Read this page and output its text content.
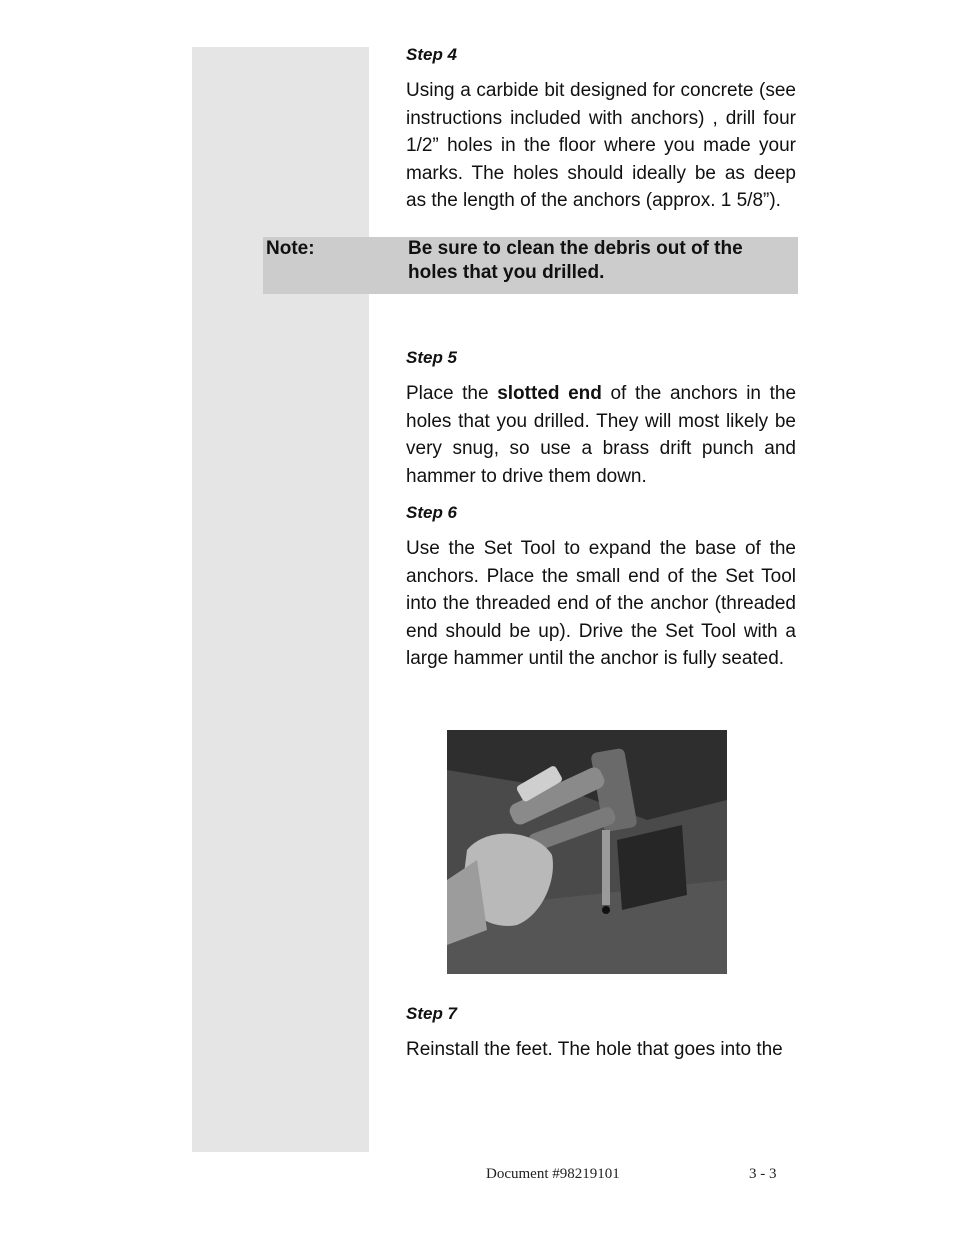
Step 4
Using a carbide bit designed for concrete (see instructions included with anchors) , drill four 1/2” holes in the floor where you made your marks. The holes should ideally be as deep as the length of the anchors (approx. 1 5/8”).
Note:	Be sure to clean the debris out of the holes that you drilled.
Step 5
Place the slotted end of the anchors in the holes that you drilled. They will most likely be very snug, so use a brass drift punch and hammer to drive them down.
Step 6
Use the Set Tool to expand the base of the anchors. Place the small end of the Set Tool into the threaded end of the anchor (threaded end should be up). Drive the Set Tool with a large hammer until the anchor is fully seated.
Step 7
Reinstall the feet. The hole that goes into the
Document #98219101	3 - 3
